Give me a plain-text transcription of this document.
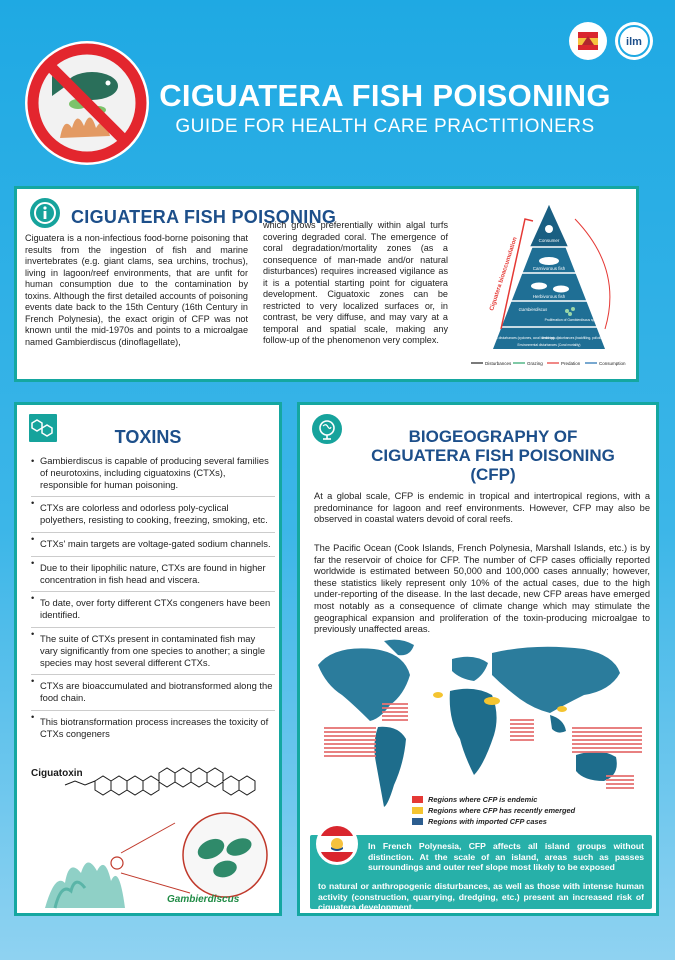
ilm
CIGUATERA FISH POISONING
GUIDE FOR HEALTH CARE PRACTITIONERS
CIGUATERA FISH POISONING
Ciguatera is a non-infectious food-borne poisoning that results from the ingestion of fish and marine invertebrates (e.g. giant clams, sea urchins, trochus), living in lagoon/reef environments, that are unfit for human consumption due to the contamination by toxins. Although the first detailed accounts of poisoning events date back to the 15th Century (16th Century in French Polynesia), the exact origin of CFP was not known until the mid-1970s and points to a microalgae named Gambierdiscus (dinoflagellate),
which grows preferentially within algal turfs covering degraded coral. The emergence of coral degradation/mortality zones (as a consequence of man-made and/or natural disturbances) requires increased vigilance as it is a potential starting point for ciguatera development. Ciguatoxic zones can be restricted to very localized surfaces or, in contrast, be very diffuse, and may vary at a temporal and spatial scale, making any follow-up of the phenomenon very complex.
Consumer
Carnivorous fish
Herbivorous fish
Gambierdiscus
Proliferation of Gambierdiscus spp.
Natural disturbances (cyclones, coral bleaching…)
Anthropic disturbances (backfilling, pollution…)
Environmental disturbances (Coral mortality)
Ciguatera bioaccumulation
Disturbances	Grazing	Predation	Consumption
TOXINS
• Gambierdiscus is capable of producing several families of neurotoxins, including ciguatoxins (CTXs), responsible for human poisoning.
• CTXs are colorless and odorless poly-cyclical polyethers, resisting to cooking, freezing, smoking, etc.
• CTXs' main targets are voltage-gated sodium channels.
• Due to their lipophilic nature, CTXs are found in higher concentration in fish head and viscera.
• To date, over forty different CTXs congeners have been identified.
• The suite of CTXs present in contaminated fish may vary significantly from one species to another; a single species may host several different CTXs.
• CTXs are bioaccumulated and biotransformed along the food chain.
• This biotransformation process increases the toxicity of CTXs congeners
Ciguatoxin
Gambierdiscus
BIOGEOGRAPHY OF
CIGUATERA FISH POISONING
(CFP)
At a global scale, CFP is endemic in tropical and intertropical regions, with a predominance for lagoon and reef environments. However, CFP may also be observed in coastal waters devoid of coral reefs.
The Pacific Ocean (Cook Islands, French Polynesia, Marshall Islands, etc.) is by far the reservoir of choice for CFP. The number of CFP cases officially reported worldwide is estimated between 50,000 and 100,000 cases annually; however, these statistics likely represent only 10% of the actual cases, due to the high under-reporting of the disease. In the last decade, new CFP areas have emerged most notably as a consequence of climate change which may stimulate the geographical expansion and proliferation of the toxin-producing microalgae to previously unaffected areas.
Regions where CFP is endemic
Regions where CFP has recently emerged
Regions with imported CFP cases
In French Polynesia, CFP affects all island groups without distinction. At the scale of an island, areas such as passes surroundings and outer reef slope most likely to be exposed
to natural or anthropogenic disturbances, as well as those with intense human activity (construction, quarrying, dredging, etc.) present an increased risk of ciguatera development.
